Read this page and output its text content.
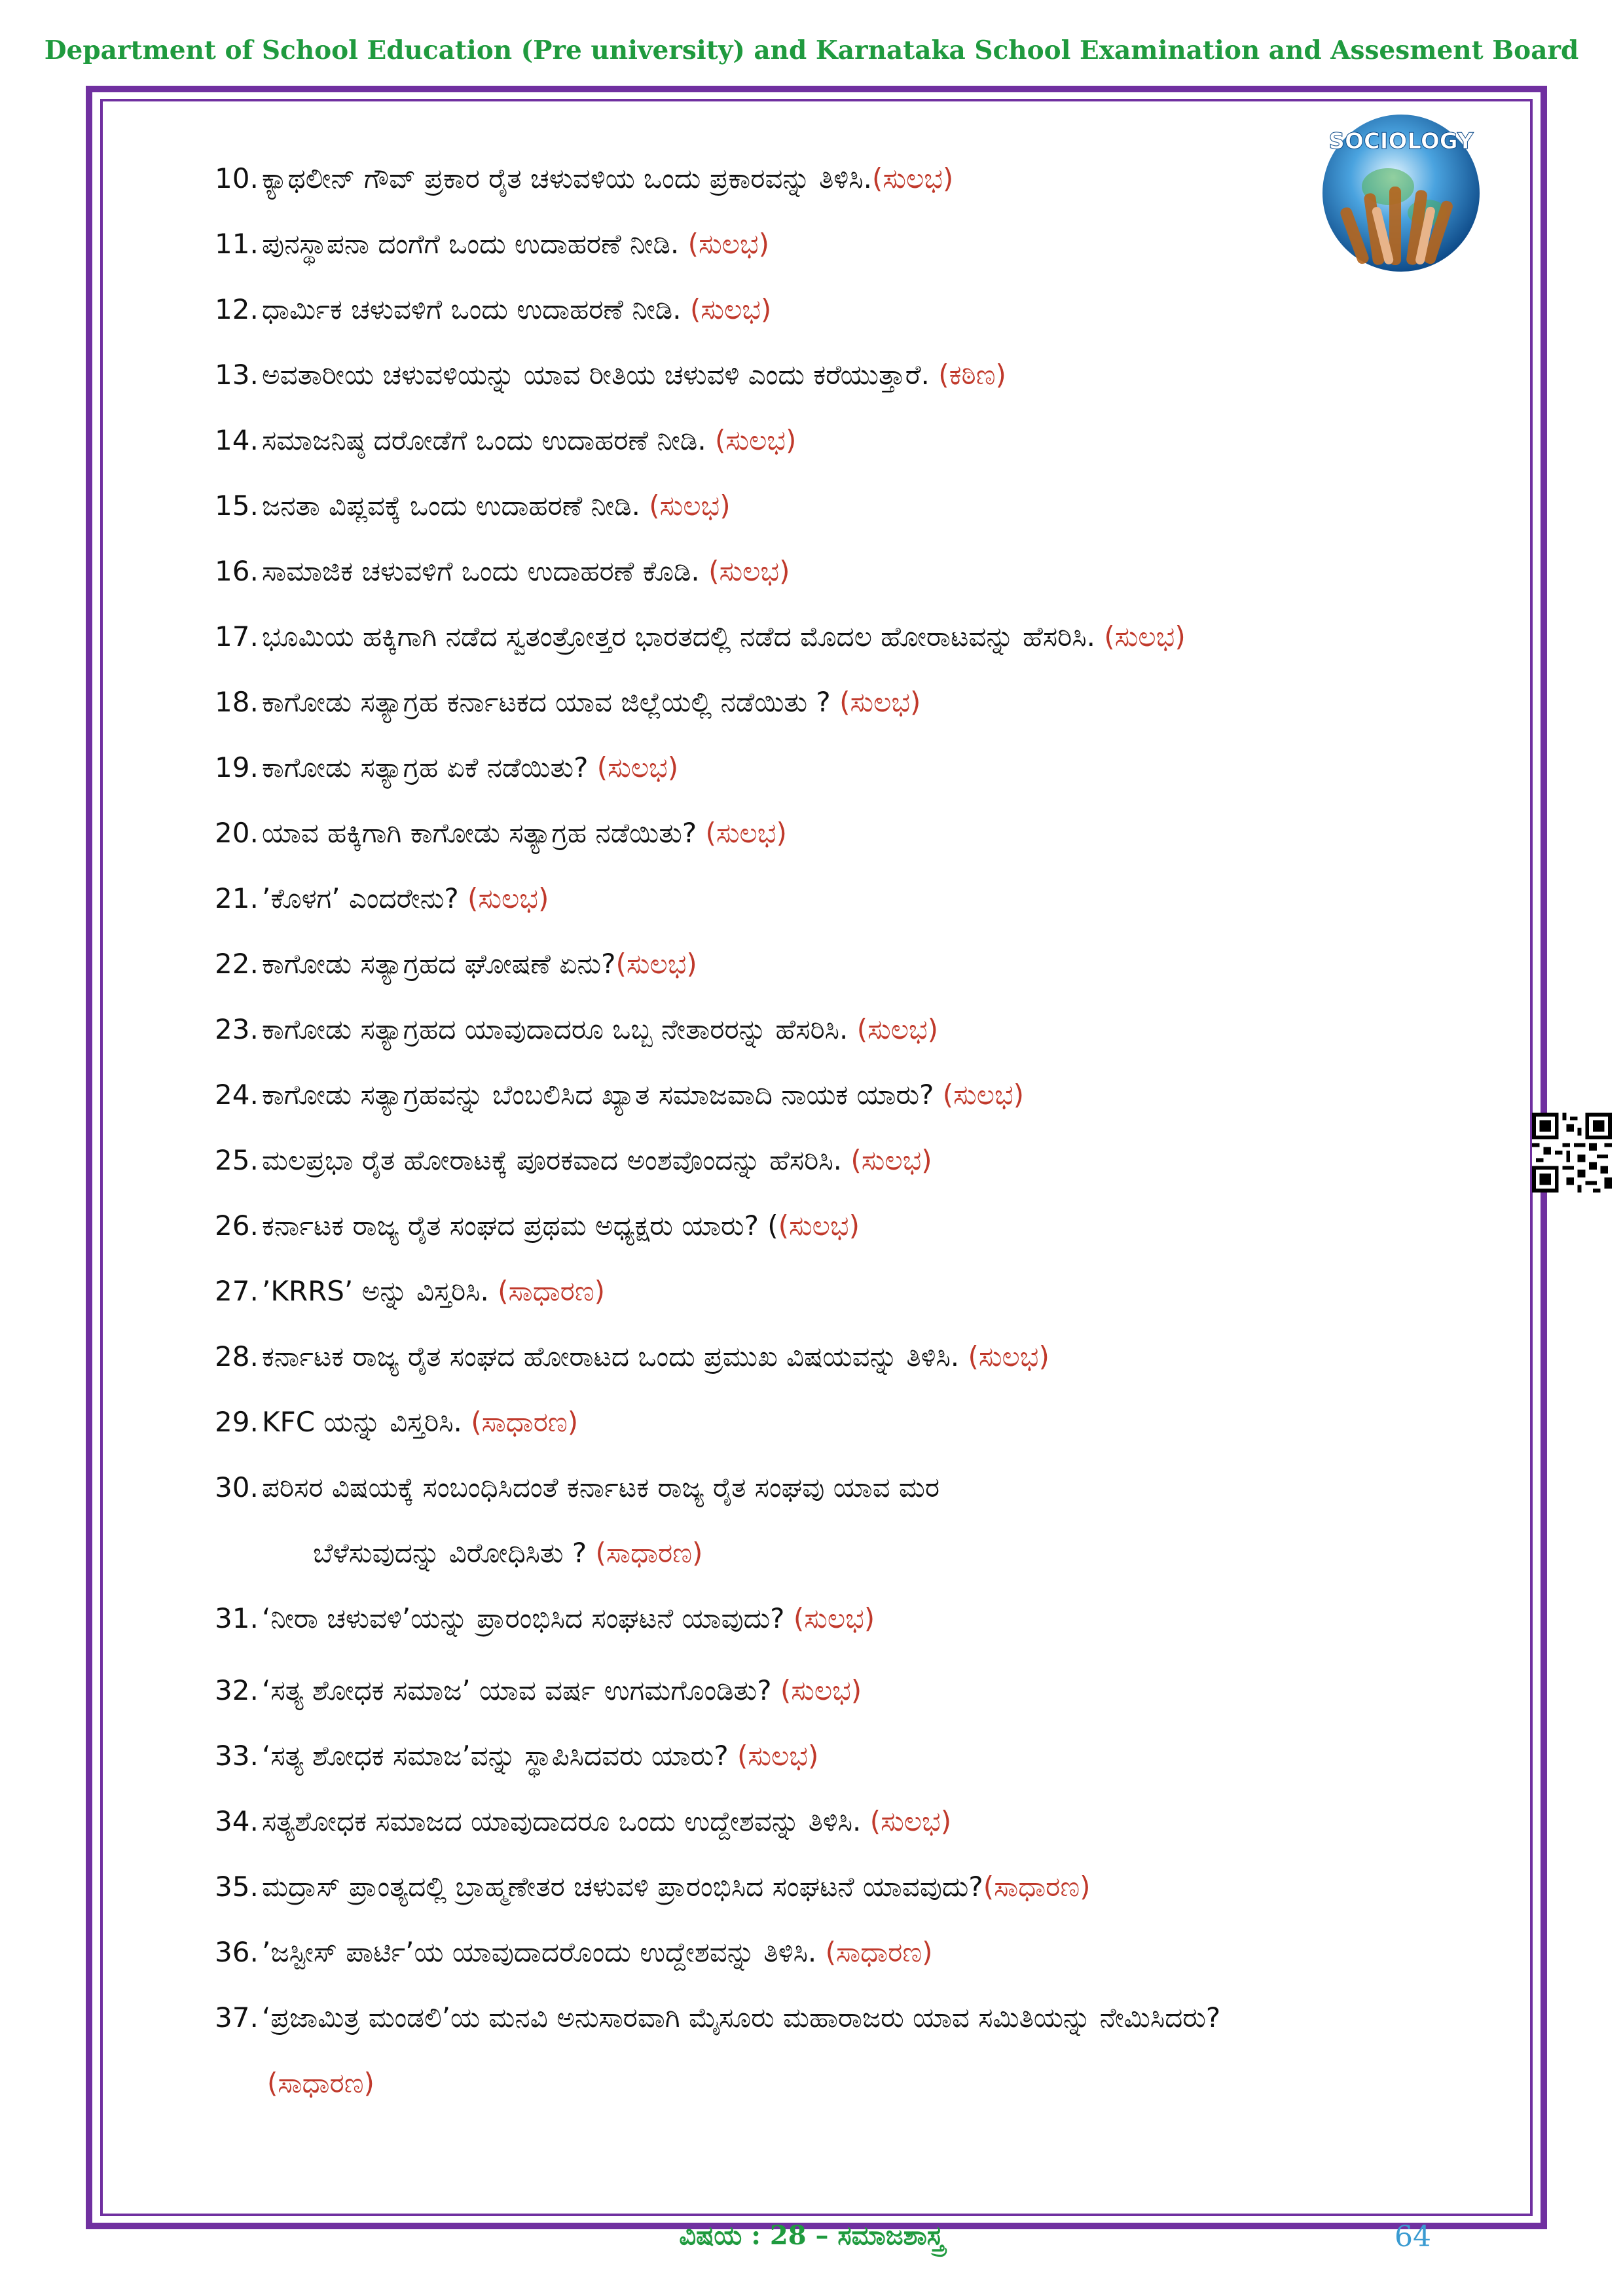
Department of School Education (Pre university) and Karnataka School Examination and Assesment Board
SOCIOLOGY
10. ಕ್ಯಾಥಲೀನ್ ಗೌವ್ ಪ್ರಕಾರ ರೈತ ಚಳುವಳಿಯ ಒಂದು ಪ್ರಕಾರವನ್ನು ತಿಳಿಸಿ.(ಸುಲಭ)
11. ಪುನಸ್ಥಾಪನಾ ದಂಗೆಗೆ ಒಂದು ಉದಾಹರಣೆ ನೀಡಿ. (ಸುಲಭ)
12. ಧಾರ್ಮಿಕ ಚಳುವಳಿಗೆ ಒಂದು ಉದಾಹರಣೆ ನೀಡಿ. (ಸುಲಭ)
13. ಅವತಾರೀಯ ಚಳುವಳಿಯನ್ನು ಯಾವ ರೀತಿಯ ಚಳುವಳಿ ಎಂದು ಕರೆಯುತ್ತಾರೆ. (ಕಠಿಣ)
14. ಸಮಾಜನಿಷ್ಠ ದರೋಡೆಗೆ ಒಂದು ಉದಾಹರಣೆ ನೀಡಿ. (ಸುಲಭ)
15. ಜನತಾ ವಿಪ್ಲವಕ್ಕೆ ಒಂದು ಉದಾಹರಣೆ ನೀಡಿ. (ಸುಲಭ)
16. ಸಾಮಾಜಿಕ ಚಳುವಳಿಗೆ ಒಂದು ಉದಾಹರಣೆ ಕೊಡಿ. (ಸುಲಭ)
17. ಭೂಮಿಯ ಹಕ್ಕಿಗಾಗಿ ನಡೆದ ಸ್ವತಂತ್ರೋತ್ತರ ಭಾರತದಲ್ಲಿ ನಡೆದ ಮೊದಲ ಹೋರಾಟವನ್ನು ಹೆಸರಿಸಿ. (ಸುಲಭ)
18. ಕಾಗೋಡು ಸತ್ಯಾಗ್ರಹ ಕರ್ನಾಟಕದ ಯಾವ ಜಿಲ್ಲೆಯಲ್ಲಿ ನಡೆಯಿತು ? (ಸುಲಭ)
19. ಕಾಗೋಡು ಸತ್ಯಾಗ್ರಹ ಏಕೆ ನಡೆಯಿತು? (ಸುಲಭ)
20. ಯಾವ ಹಕ್ಕಿಗಾಗಿ ಕಾಗೋಡು ಸತ್ಯಾಗ್ರಹ ನಡೆಯಿತು? (ಸುಲಭ)
21. ’ಕೊಳಗ’ ಎಂದರೇನು? (ಸುಲಭ)
22. ಕಾಗೋಡು ಸತ್ಯಾಗ್ರಹದ ಘೋಷಣೆ ಏನು?(ಸುಲಭ)
23. ಕಾಗೋಡು ಸತ್ಯಾಗ್ರಹದ ಯಾವುದಾದರೂ ಒಬ್ಬ ನೇತಾರರನ್ನು ಹೆಸರಿಸಿ. (ಸುಲಭ)
24. ಕಾಗೋಡು ಸತ್ಯಾಗ್ರಹವನ್ನು ಬೆಂಬಲಿಸಿದ ಖ್ಯಾತ ಸಮಾಜವಾದಿ ನಾಯಕ ಯಾರು? (ಸುಲಭ)
25. ಮಲಪ್ರಭಾ ರೈತ ಹೋರಾಟಕ್ಕೆ ಪೂರಕವಾದ ಅಂಶವೊಂದನ್ನು ಹೆಸರಿಸಿ. (ಸುಲಭ)
26. ಕರ್ನಾಟಕ ರಾಜ್ಯ ರೈತ ಸಂಘದ ಪ್ರಥಮ ಅಧ್ಯಕ್ಷರು ಯಾರು? ((ಸುಲಭ)
27. ’KRRS’ ಅನ್ನು ವಿಸ್ತರಿಸಿ. (ಸಾಧಾರಣ)
28. ಕರ್ನಾಟಕ ರಾಜ್ಯ ರೈತ ಸಂಘದ ಹೋರಾಟದ ಒಂದು ಪ್ರಮುಖ ವಿಷಯವನ್ನು ತಿಳಿಸಿ. (ಸುಲಭ)
29. KFC ಯನ್ನು ವಿಸ್ತರಿಸಿ. (ಸಾಧಾರಣ)
30. ಪರಿಸರ ವಿಷಯಕ್ಕೆ ಸಂಬಂಧಿಸಿದಂತೆ ಕರ್ನಾಟಕ ರಾಜ್ಯ ರೈತ ಸಂಘವು ಯಾವ ಮರ
ಬೆಳೆಸುವುದನ್ನು ವಿರೋಧಿಸಿತು ? (ಸಾಧಾರಣ)
31. ‘ನೀರಾ ಚಳುವಳಿ’ಯನ್ನು ಪ್ರಾರಂಭಿಸಿದ ಸಂಘಟನೆ ಯಾವುದು? (ಸುಲಭ)
32. ‘ಸತ್ಯ ಶೋಧಕ ಸಮಾಜ’ ಯಾವ ವರ್ಷ ಉಗಮಗೊಂಡಿತು? (ಸುಲಭ)
33. ‘ಸತ್ಯ ಶೋಧಕ ಸಮಾಜ’ವನ್ನು ಸ್ಥಾಪಿಸಿದವರು ಯಾರು? (ಸುಲಭ)
34. ಸತ್ಯಶೋಧಕ ಸಮಾಜದ ಯಾವುದಾದರೂ ಒಂದು ಉದ್ದೇಶವನ್ನು ತಿಳಿಸಿ. (ಸುಲಭ)
35. ಮದ್ರಾಸ್ ಪ್ರಾಂತ್ಯದಲ್ಲಿ ಬ್ರಾಹ್ಮಣೇತರ ಚಳುವಳಿ ಪ್ರಾರಂಭಿಸಿದ ಸಂಘಟನೆ ಯಾವವುದು?(ಸಾಧಾರಣ)
36. ’ಜಸ್ಟೀಸ್ ಪಾರ್ಟಿ’ಯ ಯಾವುದಾದರೊಂದು ಉದ್ದೇಶವನ್ನು ತಿಳಿಸಿ. (ಸಾಧಾರಣ)
37. ‘ಪ್ರಜಾಮಿತ್ರ ಮಂಡಲಿ’ಯ ಮನವಿ ಅನುಸಾರವಾಗಿ ಮೈಸೂರು ಮಹಾರಾಜರು ಯಾವ ಸಮಿತಿಯನ್ನು ನೇಮಿಸಿದರು?
(ಸಾಧಾರಣ)
ವಿಷಯ : 28 – ಸಮಾಜಶಾಸ್ತ್ರ	64
